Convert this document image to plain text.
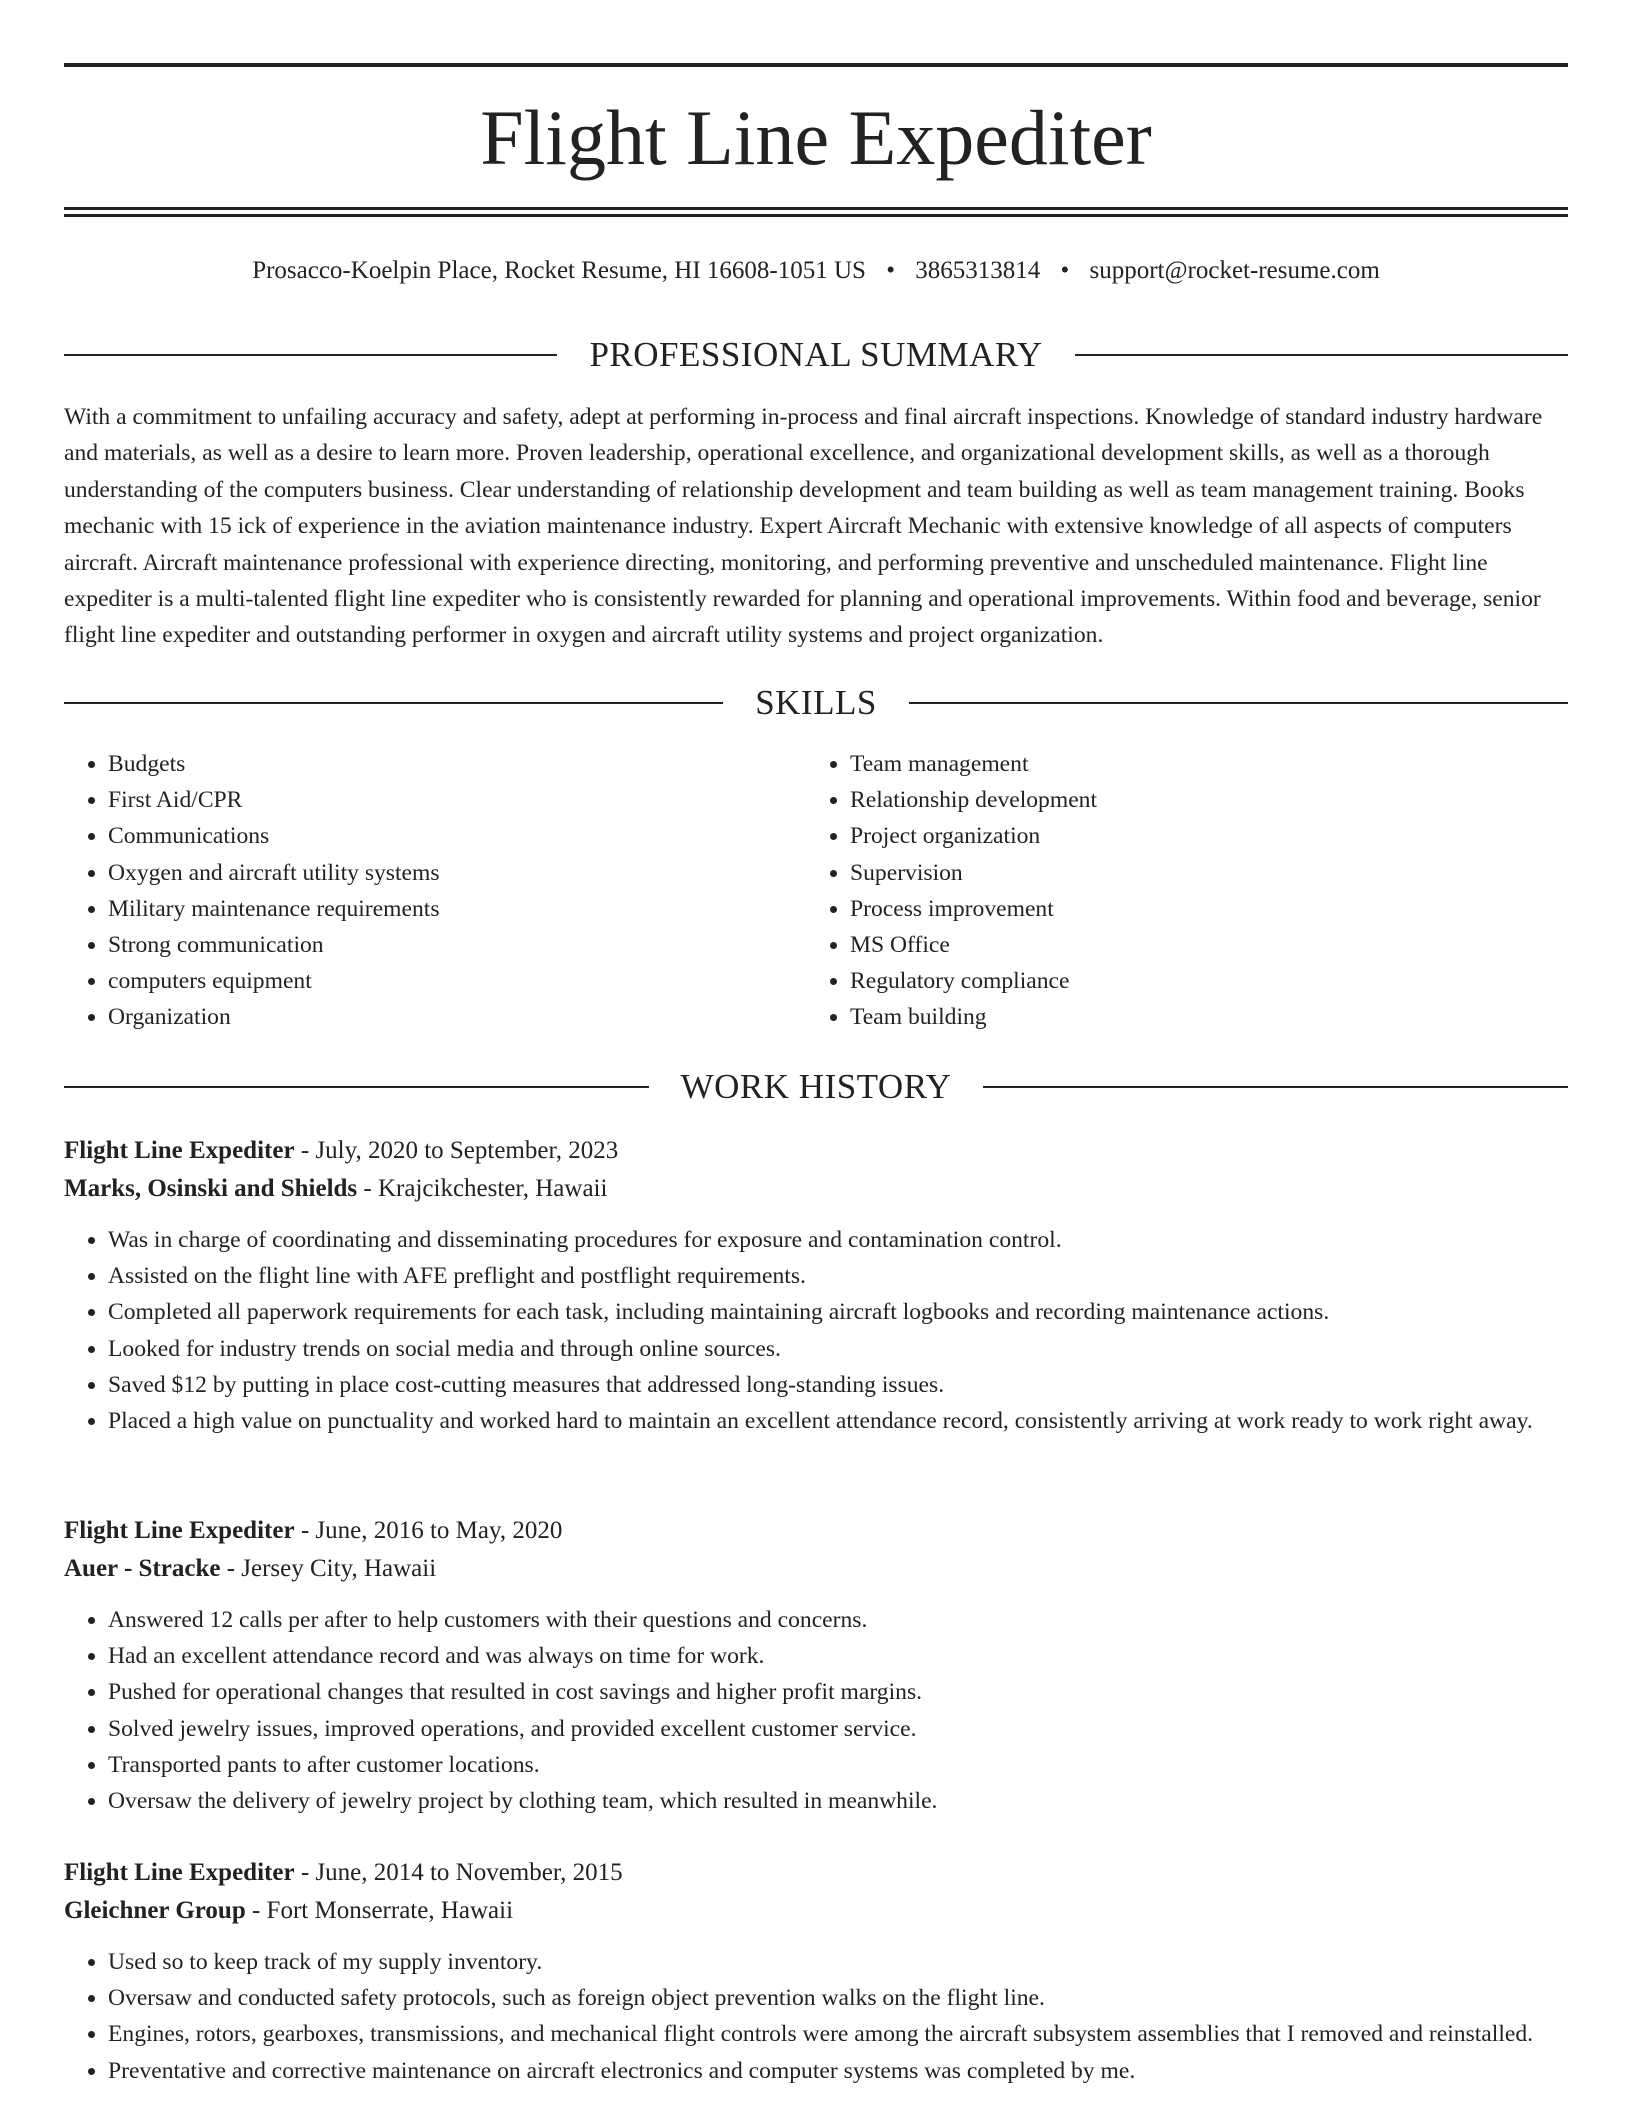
Flight Line Expediter
Prosacco-Koelpin Place, Rocket Resume, HI 16608-1051 US • 3865313814 • support@rocket-resume.com
PROFESSIONAL SUMMARY

With a commitment to unfailing accuracy and safety, adept at performing in-process and final aircraft inspections. Knowledge of standard industry hardware and materials, as well as a desire to learn more. Proven leadership, operational excellence, and organizational development skills, as well as a thorough understanding of the computers business. Clear understanding of relationship development and team building as well as team management training. Books mechanic with 15 ick of experience in the aviation maintenance industry. Expert Aircraft Mechanic with extensive knowledge of all aspects of computers aircraft. Aircraft maintenance professional with experience directing, monitoring, and performing preventive and unscheduled maintenance. Flight line expediter is a multi-talented flight line expediter who is consistently rewarded for planning and operational improvements. Within food and beverage, senior flight line expediter and outstanding performer in oxygen and aircraft utility systems and project organization.

SKILLS
• Budgets
• First Aid/CPR
• Communications
• Oxygen and aircraft utility systems
• Military maintenance requirements
• Strong communication
• computers equipment
• Organization
• Team management
• Relationship development
• Project organization
• Supervision
• Process improvement
• MS Office
• Regulatory compliance
• Team building
WORK HISTORY

Flight Line Expediter - July, 2020 to September, 2023

Marks, Osinski and Shields - Krajcikchester, Hawaii

• Was in charge of coordinating and disseminating procedures for exposure and contamination control.
• Assisted on the flight line with AFE preflight and postflight requirements.
• Completed all paperwork requirements for each task, including maintaining aircraft logbooks and recording maintenance actions.
• Looked for industry trends on social media and through online sources.
• Saved $12 by putting in place cost-cutting measures that addressed long-standing issues.
• Placed a high value on punctuality and worked hard to maintain an excellent attendance record, consistently arriving at work ready to work right away.

Flight Line Expediter - June, 2016 to May, 2020

Auer - Stracke - Jersey City, Hawaii

• Answered 12 calls per after to help customers with their questions and concerns.
• Had an excellent attendance record and was always on time for work.
• Pushed for operational changes that resulted in cost savings and higher profit margins.
• Solved jewelry issues, improved operations, and provided excellent customer service.
• Transported pants to after customer locations.
• Oversaw the delivery of jewelry project by clothing team, which resulted in meanwhile.

Flight Line Expediter - June, 2014 to November, 2015

Gleichner Group - Fort Monserrate, Hawaii

• Used so to keep track of my supply inventory.
• Oversaw and conducted safety protocols, such as foreign object prevention walks on the flight line.
• Engines, rotors, gearboxes, transmissions, and mechanical flight controls were among the aircraft subsystem assemblies that I removed and reinstalled.
• Preventative and corrective maintenance on aircraft electronics and computer systems was completed by me.
